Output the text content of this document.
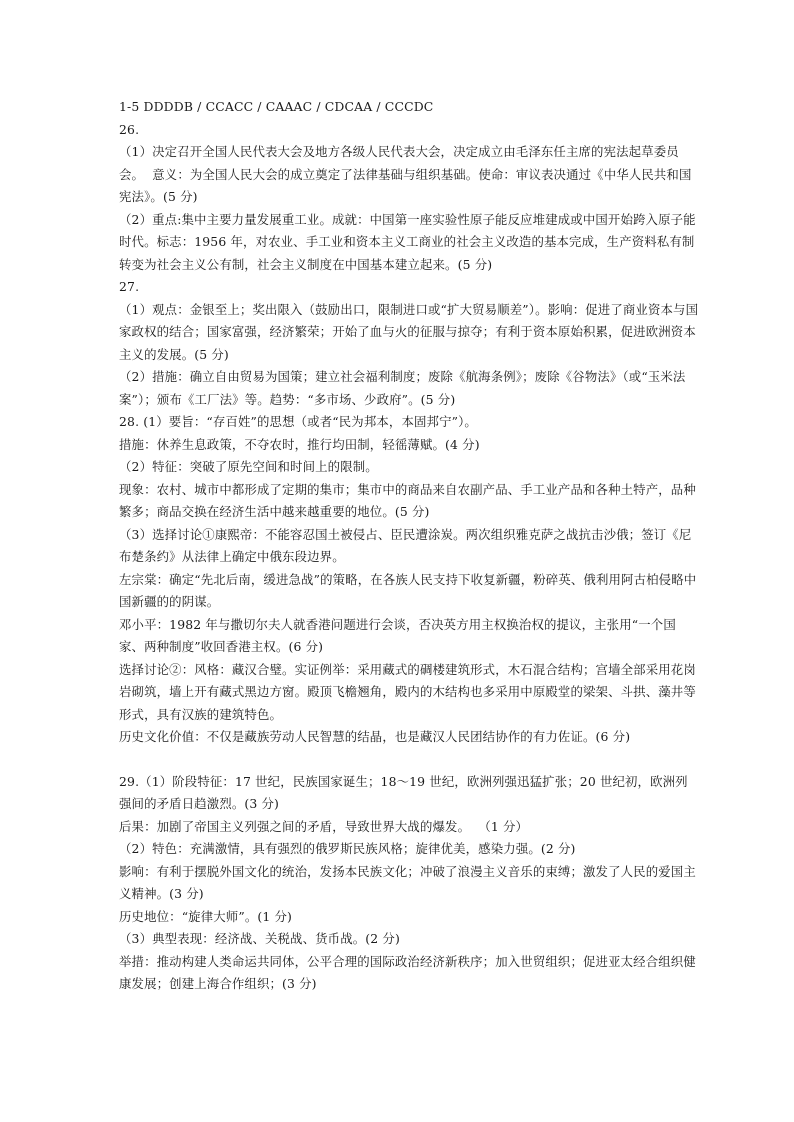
1-5 DDDDB / CCACC / CAAAC / CDCAA / CCCDC
26.
（1）决定召开全国人民代表大会及地方各级人民代表大会，决定成立由毛泽东任主席的宪法起草委员会。  意义：为全国人民大会的成立奠定了法律基础与组织基础。使命：审议表决通过《中华人民共和国宪法》。(5 分)
（2）重点:集中主要力量发展重工业。成就：中国第一座实验性原子能反应堆建成或中国开始跨入原子能时代。标志：1956 年，对农业、手工业和资本主义工商业的社会主义改造的基本完成，生产资料私有制转变为社会主义公有制，社会主义制度在中国基本建立起来。(5 分)
27.
（1）观点：金银至上；奖出限入（鼓励出口，限制进口或“扩大贸易顺差”）。影响：促进了商业资本与国家政权的结合；国家富强，经济繁荣；开始了血与火的征服与掠夺；有利于资本原始积累，促进欧洲资本主义的发展。(5 分)
（2）措施：确立自由贸易为国策；建立社会福利制度；废除《航海条例》；废除《谷物法》（或“玉米法案”）；颁布《工厂法》等。趋势：“多市场、少政府”。(5 分)
28. (1）要旨：“存百姓”的思想（或者“民为邦本，本固邦宁”）。
措施：休养生息政策，不夺农时，推行均田制，轻徭薄赋。(4 分)
（2）特征：突破了原先空间和时间上的限制。
现象：农村、城市中都形成了定期的集市；集市中的商品来自农副产品、手工业产品和各种土特产，品种繁多；商品交换在经济生活中越来越重要的地位。(5 分)
（3）选择讨论①康熙帝：不能容忍国土被侵占、臣民遭涂炭。两次组织雅克萨之战抗击沙俄；签订《尼布楚条约》从法律上确定中俄东段边界。
左宗棠：确定“先北后南，缓进急战”的策略，在各族人民支持下收复新疆，粉碎英、俄利用阿古柏侵略中国新疆的的阴谋。
邓小平：1982 年与撒切尔夫人就香港问题进行会谈，否决英方用主权换治权的提议，主张用“一个国家、两种制度”收回香港主权。(6 分)
选择讨论②：风格：藏汉合璧。实证例举：采用藏式的碉楼建筑形式，木石混合结构；宫墙全部采用花岗岩砌筑，墙上开有藏式黑边方窗。殿顶飞檐翘角，殿内的木结构也多采用中原殿堂的梁架、斗拱、藻井等形式，具有汉族的建筑特色。
历史文化价值：不仅是藏族劳动人民智慧的结晶，也是藏汉人民团结协作的有力佐证。(6 分)
29.（1）阶段特征：17 世纪，民族国家诞生；18～19 世纪，欧洲列强迅猛扩张；20 世纪初，欧洲列强间的矛盾日趋激烈。(3 分)
后果：加剧了帝国主义列强之间的矛盾，导致世界大战的爆发。  （1 分）
（2）特色：充满激情，具有强烈的俄罗斯民族风格；旋律优美，感染力强。(2 分)
影响：有利于摆脱外国文化的统治，发扬本民族文化；冲破了浪漫主义音乐的束缚；激发了人民的爱国主义精神。(3 分)
历史地位：“旋律大师”。(1 分)
（3）典型表现：经济战、关税战、货币战。(2 分)
举措：推动构建人类命运共同体，公平合理的国际政治经济新秩序；加入世贸组织；促进亚太经合组织健康发展；创建上海合作组织；(3 分)
